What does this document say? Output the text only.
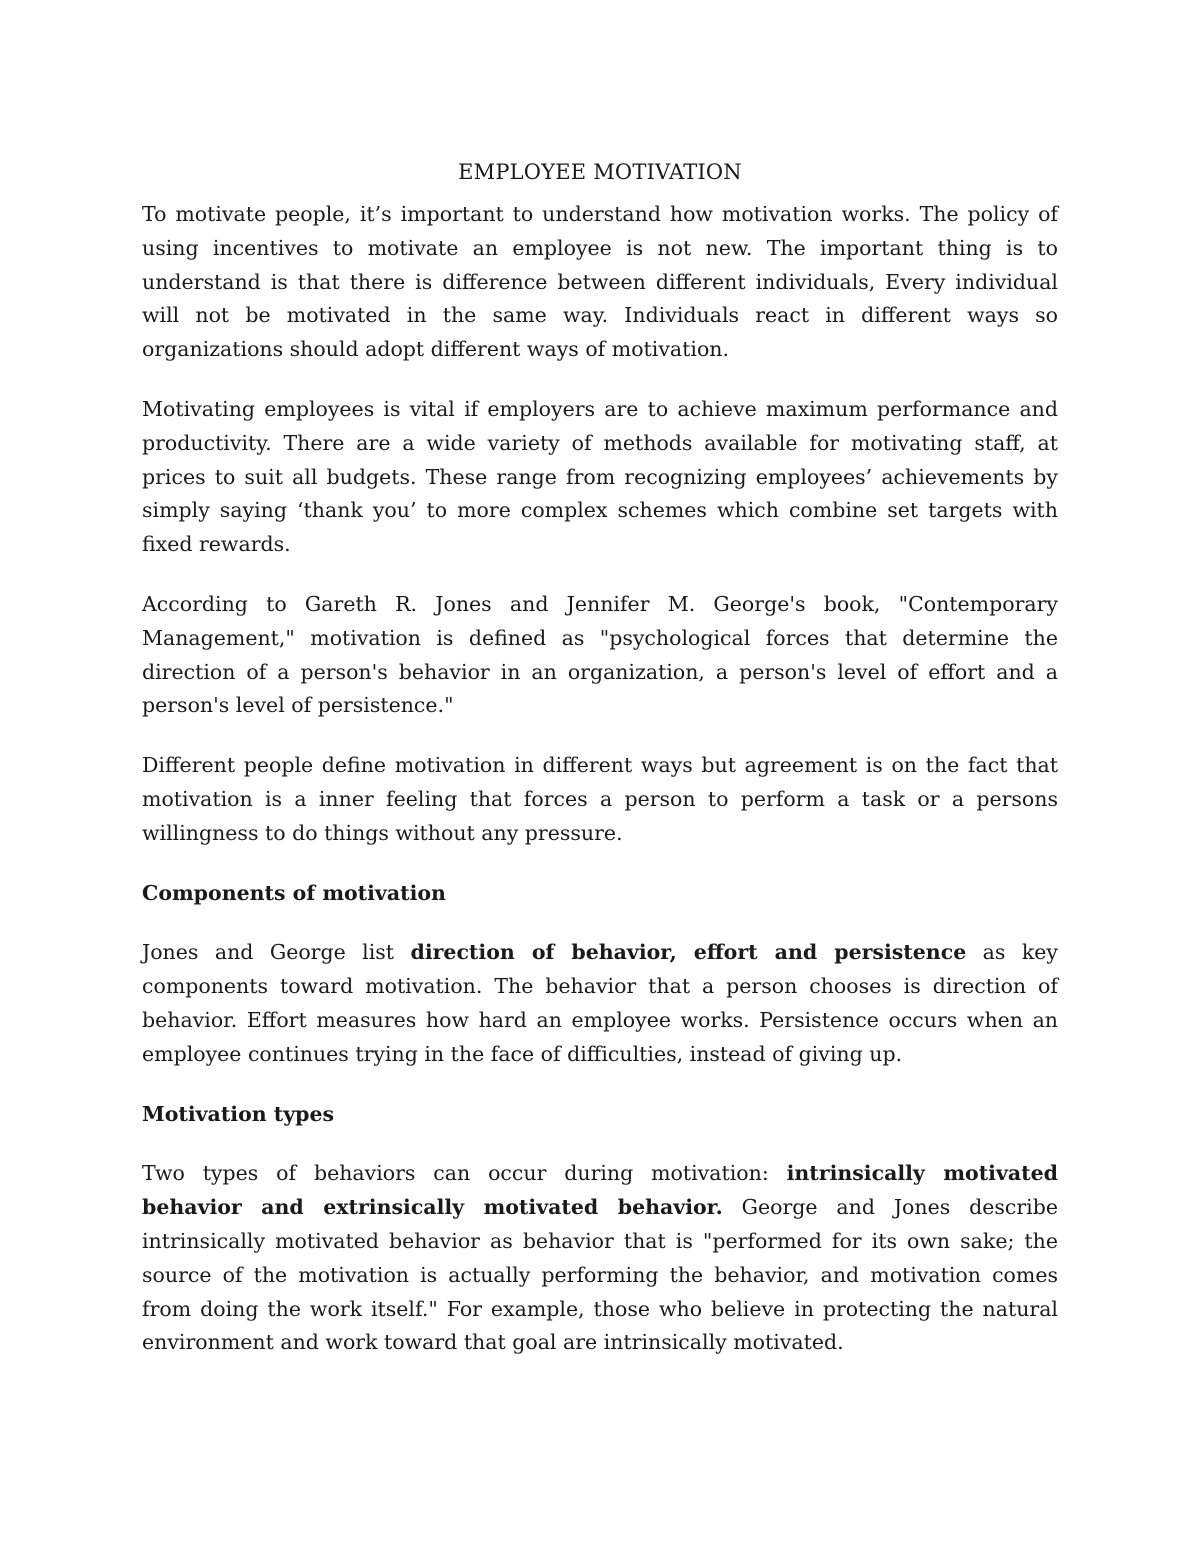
EMPLOYEE MOTIVATION

To motivate people, it’s important to understand how motivation works. The policy of using incentives to motivate an employee is not new. The important thing is to understand is that there is difference between different individuals, Every individual will not be motivated in the same way. Individuals react in different ways so organizations should adopt different ways of motivation.

Motivating employees is vital if employers are to achieve maximum performance and productivity. There are a wide variety of methods available for motivating staff, at prices to suit all budgets. These range from recognizing employees’ achievements by simply saying ‘thank you’ to more complex schemes which combine set targets with fixed rewards.

According to Gareth R. Jones and Jennifer M. George's book, "Contemporary Management," motivation is defined as "psychological forces that determine the direction of a person's behavior in an organization, a person's level of effort and a person's level of persistence."

Different people define motivation in different ways but agreement is on the fact that motivation is a inner feeling that forces a person to perform a task or a persons willingness to do things without any pressure.

Components of motivation

Jones and George list direction of behavior, effort and persistence as key components toward motivation. The behavior that a person chooses is direction of behavior. Effort measures how hard an employee works. Persistence occurs when an employee continues trying in the face of difficulties, instead of giving up.

Motivation types

Two types of behaviors can occur during motivation: intrinsically motivated behavior and extrinsically motivated behavior. George and Jones describe intrinsically motivated behavior as behavior that is "performed for its own sake; the source of the motivation is actually performing the behavior, and motivation comes from doing the work itself." For example, those who believe in protecting the natural environment and work toward that goal are intrinsically motivated.
